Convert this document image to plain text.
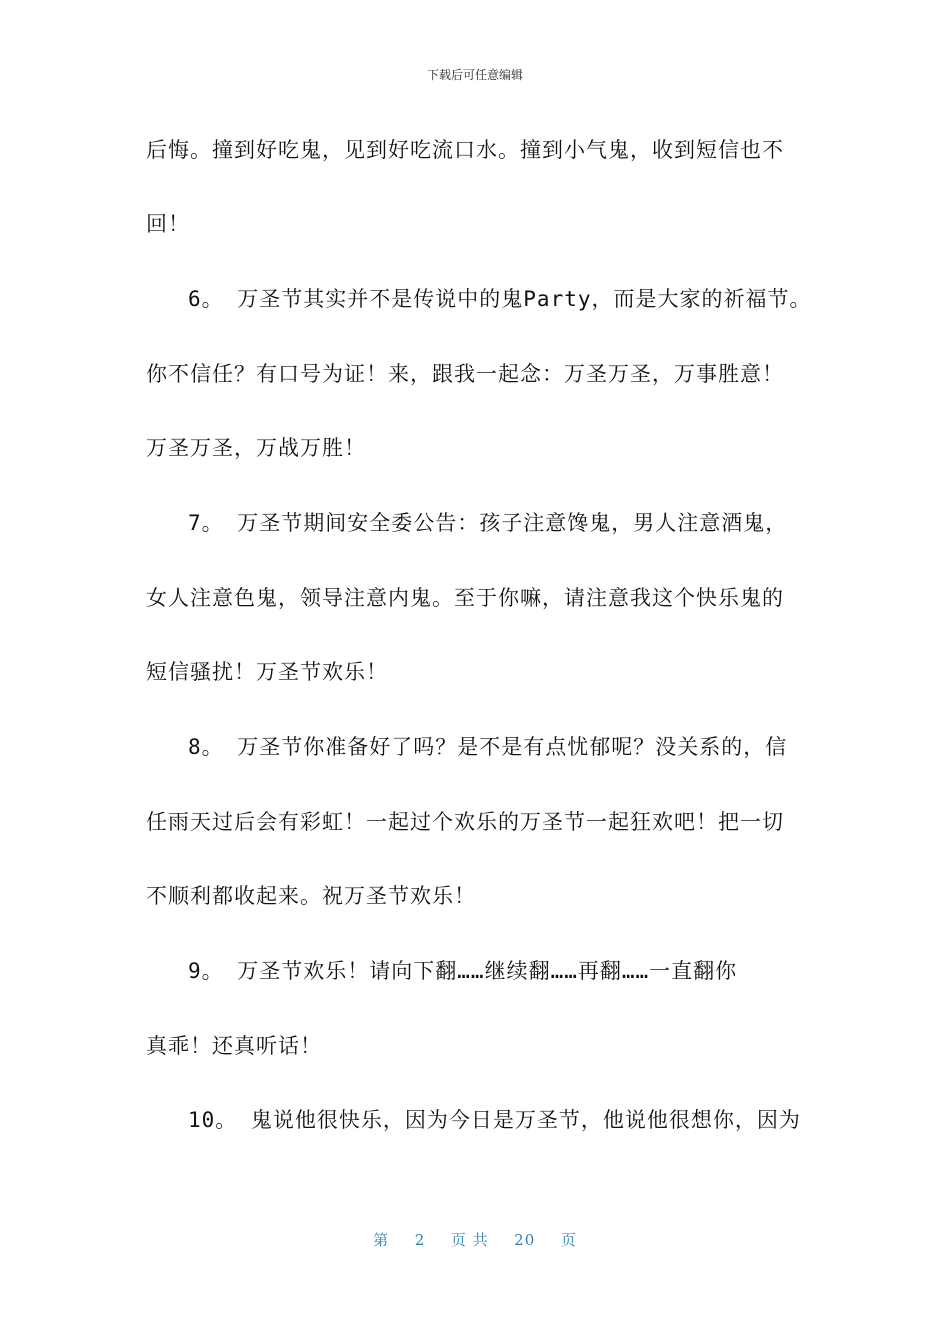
下载后可任意编辑
后悔。撞到好吃鬼，见到好吃流口水。撞到小气鬼，收到短信也不
回！
6。 万圣节其实并不是传说中的鬼Party，而是大家的祈福节。
你不信任？有口号为证！来，跟我一起念：万圣万圣，万事胜意！
万圣万圣，万战万胜！
7。 万圣节期间安全委公告：孩子注意馋鬼，男人注意酒鬼，
女人注意色鬼，领导注意内鬼。至于你嘛，请注意我这个快乐鬼的
短信骚扰！万圣节欢乐！
8。 万圣节你准备好了吗？是不是有点忧郁呢？没关系的，信
任雨天过后会有彩虹！一起过个欢乐的万圣节一起狂欢吧！把一切
不顺利都收起来。祝万圣节欢乐！
9。 万圣节欢乐！请向下翻……继续翻……再翻……一直翻你
真乖！还真听话！
10。 鬼说他很快乐，因为今日是万圣节，他说他很想你，因为
第 2 页 共 20 页
